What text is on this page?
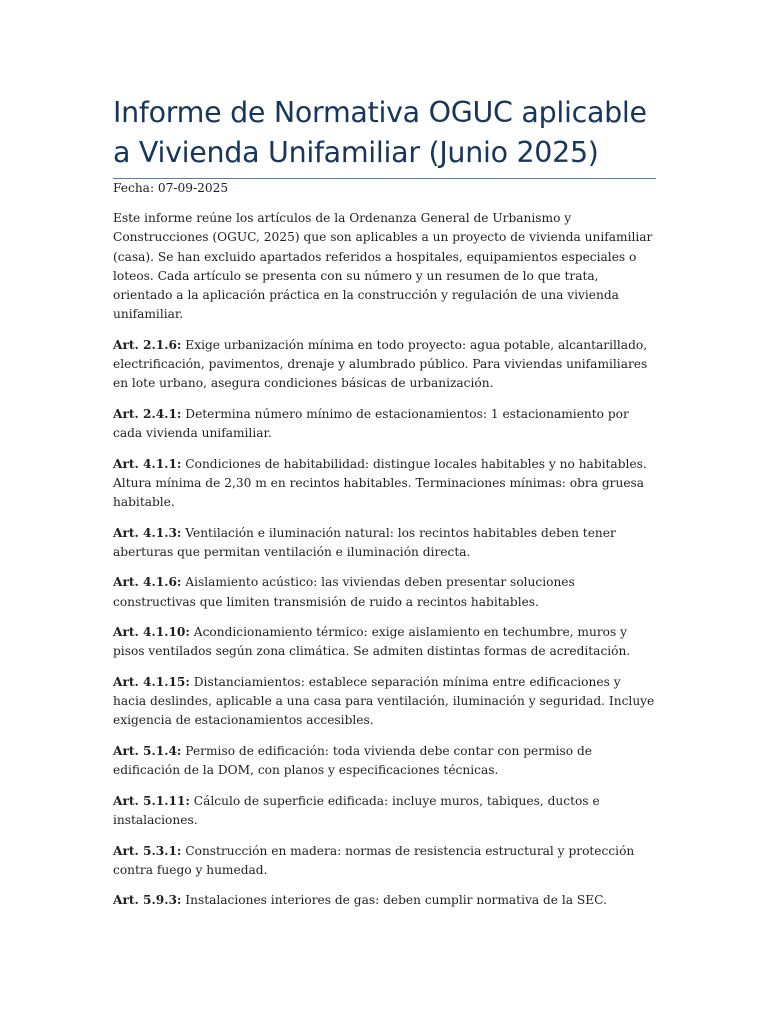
Informe de Normativa OGUC aplicable a Vivienda Unifamiliar (Junio 2025)

Fecha: 07-09-2025

Este informe reúne los artículos de la Ordenanza General de Urbanismo y Construcciones (OGUC, 2025) que son aplicables a un proyecto de vivienda unifamiliar (casa). Se han excluido apartados referidos a hospitales, equipamientos especiales o loteos. Cada artículo se presenta con su número y un resumen de lo que trata, orientado a la aplicación práctica en la construcción y regulación de una vivienda unifamiliar.

Art. 2.1.6: Exige urbanización mínima en todo proyecto: agua potable, alcantarillado, electrificación, pavimentos, drenaje y alumbrado público. Para viviendas unifamiliares en lote urbano, asegura condiciones básicas de urbanización.

Art. 2.4.1: Determina número mínimo de estacionamientos: 1 estacionamiento por cada vivienda unifamiliar.

Art. 4.1.1: Condiciones de habitabilidad: distingue locales habitables y no habitables. Altura mínima de 2,30 m en recintos habitables. Terminaciones mínimas: obra gruesa habitable.

Art. 4.1.3: Ventilación e iluminación natural: los recintos habitables deben tener aberturas que permitan ventilación e iluminación directa.

Art. 4.1.6: Aislamiento acústico: las viviendas deben presentar soluciones constructivas que limiten transmisión de ruido a recintos habitables.

Art. 4.1.10: Acondicionamiento térmico: exige aislamiento en techumbre, muros y pisos ventilados según zona climática. Se admiten distintas formas de acreditación.

Art. 4.1.15: Distanciamientos: establece separación mínima entre edificaciones y hacia deslindes, aplicable a una casa para ventilación, iluminación y seguridad. Incluye exigencia de estacionamientos accesibles.

Art. 5.1.4: Permiso de edificación: toda vivienda debe contar con permiso de edificación de la DOM, con planos y especificaciones técnicas.

Art. 5.1.11: Cálculo de superficie edificada: incluye muros, tabiques, ductos e instalaciones.

Art. 5.3.1: Construcción en madera: normas de resistencia estructural y protección contra fuego y humedad.

Art. 5.9.3: Instalaciones interiores de gas: deben cumplir normativa de la SEC.
